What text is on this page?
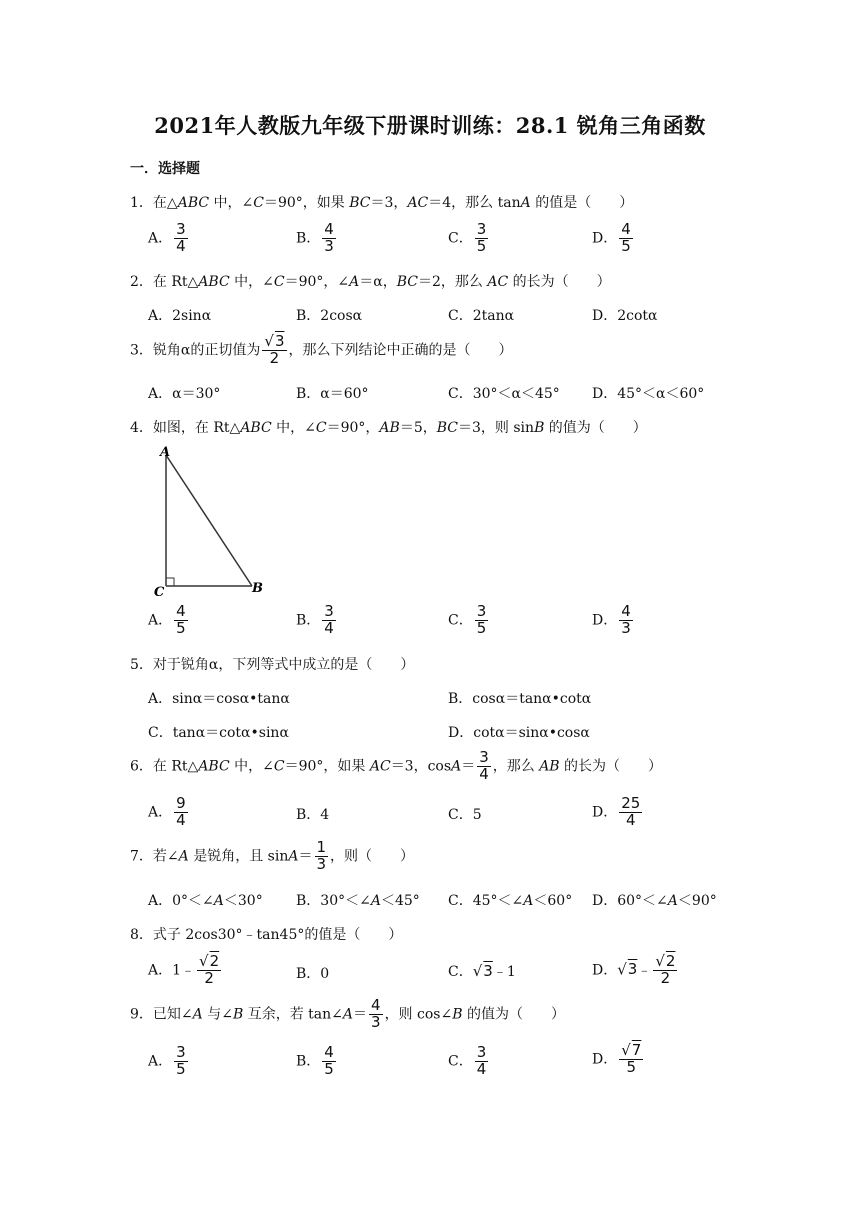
2021年人教版九年级下册课时训练：28.1 锐角三角函数
一．选择题
1．在△ABC 中，∠C＝90°，如果 BC＝3，AC＝4，那么 tanA 的值是（　　）
A． $\frac{3}{4}$	B． $\frac{4}{3}$	C． $\frac{3}{5}$	D． $\frac{4}{5}$
2．在 Rt△ABC 中，∠C＝90°，∠A＝α，BC＝2，那么 AC 的长为（　　）
A．2sinα	B．2cosα	C．2tanα	D．2cotα
3．锐角α的正切值为 $\frac{√3}{2}$ ，那么下列结论中正确的是（　　）
A．α＝30°	B．α＝60°	C．30°＜α＜45° D．45°＜α＜60°
4．如图，在 Rt△ABC 中，∠C＝90°，AB＝5，BC＝3，则 sinB 的值为（　　）
A
C	B
A． $\frac{4}{5}$	B． $\frac{3}{4}$	C． $\frac{3}{5}$	D． $\frac{4}{3}$
5．对于锐角α，下列等式中成立的是（　　）
A．sinα＝cosα•tanα	B．cosα＝tanα•cotα
C．tanα＝cotα•sinα	D．cotα＝sinα•cosα
6．在 Rt△ABC 中，∠C＝90°，如果 AC＝3，$\cos A= \frac{3}{4}$ ，那么 AB 的长为（　　）
A． $\frac{9}{4}$	B．4	C．5	D． $\frac{25}{4}$
7．若∠A 是锐角，且 $\sin A= \frac{1}{3}$ ，则（　　）
A．0°＜∠A＜30° B．30°＜∠A＜45° C．45°＜∠A＜60° D．60°＜∠A＜90°
8．式子 2cos30°﹣tan45°的值是（　　）
A．1﹣ $\frac{√2}{2}$	B．0	C．√3﹣1	D．√3﹣ $\frac{√2}{2}$
9．已知∠A 与∠B 互余，若 tan∠A＝ $\frac{4}{3}$ ，则 cos∠B 的值为（　　）
A． $\frac{3}{5}$	B． $\frac{4}{5}$	C． $\frac{3}{4}$	D． $\frac{√7}{5}$
